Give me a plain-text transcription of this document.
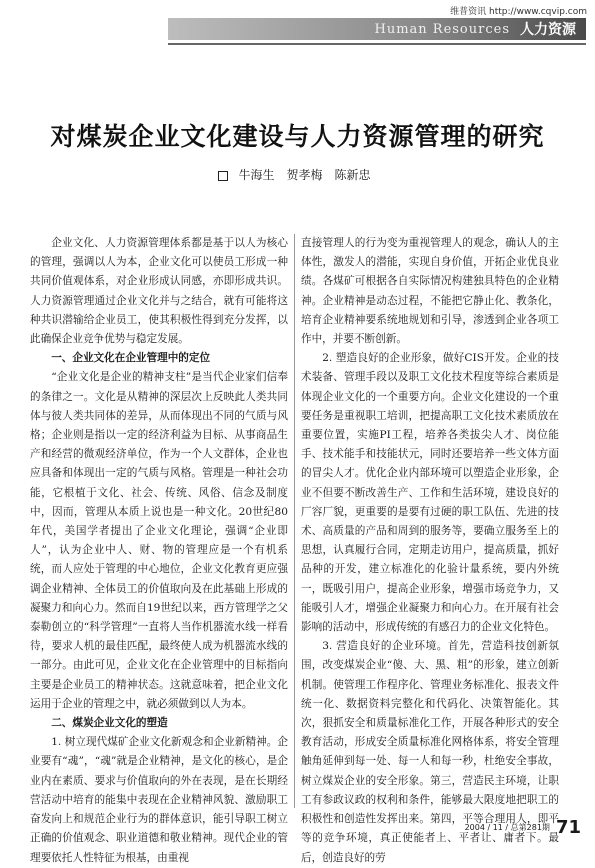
维普资讯 http://www.cqvip.com
Human Resources 人力资源
对煤炭企业文化建设与人力资源管理的研究
牛海生 贺孝梅 陈新忠

企业文化、人力资源管理体系都是基于以人为核心的管理，强调以人为本，企业文化可以使员工形成一种共同价值观体系，对企业形成认同感，亦即形成共识。人力资源管理通过企业文化并与之结合，就有可能将这种共识潜输给企业员工，使其积极性得到充分发挥，以此确保企业竞争优势与稳定发展。

一、企业文化在企业管理中的定位

“企业文化是企业的精神支柱”是当代企业家们信奉的条律之一。文化是从精神的深层次上反映此人类共同体与彼人类共同体的差异，从而体现出不同的气质与风格；企业则是指以一定的经济利益为目标、从事商品生产和经营的微观经济单位，作为一个人文群体，企业也应具备和体现出一定的气质与风格。管理是一种社会功能，它根植于文化、社会、传统、风俗、信念及制度中，因而，管理从本质上说也是一种文化。20世纪80年代，美国学者提出了企业文化理论，强调“企业即人”，认为企业中人、财、物的管理应是一个有机系统，而人应处于管理的中心地位，企业文化教育更应强调企业精神、全体员工的价值取向及在此基础上形成的凝聚力和向心力。然而自19世纪以来，西方管理学之父泰勒创立的“科学管理”一直将人当作机器流水线一样看待，要求人机的最佳匹配，最终使人成为机器流水线的一部分。由此可见，企业文化在企业管理中的目标指向主要是企业员工的精神状态。这就意味着，把企业文化运用于企业的管理之中，就必须做到以人为本。

二、煤炭企业文化的塑造

1. 树立现代煤矿企业文化新观念和企业新精神。企业要有“魂”，“魂”就是企业精神，是文化的核心，是企业内在素质、要求与价值取向的外在表现，是在长期经营活动中培育的能集中表现在企业精神风貌、激励职工奋发向上和规范企业行为的群体意识，能引导职工树立正确的价值观念、职业道德和敬业精神。现代企业的管理要依托人性特征为根基，由重视

直接管理人的行为变为重视管理人的观念，确认人的主体性，激发人的潜能，实现自身价值，开拓企业优良业绩。各煤矿可根据各自实际情况构建独具特色的企业精神。企业精神是动态过程，不能把它静止化、教条化，培育企业精神要系统地规划和引导，渗透到企业各项工作中，并要不断创新。

2. 塑造良好的企业形象，做好CIS开发。企业的技术装备、管理手段以及职工文化技术程度等综合素质是体现企业文化的一个重要方向。企业文化建设的一个重要任务是重视职工培训，把提高职工文化技术素质放在重要位置，实施PI工程，培养各类拔尖人才、岗位能手、技术能手和技能状元，同时还要培养一些文体方面的冒尖人才。优化企业内部环境可以塑造企业形象，企业不但要不断改善生产、工作和生活环境，建设良好的厂容厂貌，更重要的是要有过硬的职工队伍、先进的技术、高质量的产品和周到的服务等，要确立服务至上的思想，认真履行合同，定期走访用户，提高质量，抓好品种的开发，建立标准化的化验计量系统，要内外统一，既吸引用户，提高企业形象，增强市场竞争力，又能吸引人才，增强企业凝聚力和向心力。在开展有社会影响的活动中，形成传统的有感召力的企业文化特色。

3. 营造良好的企业环境。首先，营造科技创新氛围，改变煤炭企业“傻、大、黑、粗”的形象，建立创新机制。使管理工作程序化、管理业务标准化、报表文件统一化、数据资料完整化和代码化、决策智能化。其次，狠抓安全和质量标准化工作，开展各种形式的安全教育活动，形成安全质量标准化网格体系，将安全管理触角延伸到每一处、每一人和每一秒，杜绝安全事故，树立煤炭企业的安全形象。第三，营造民主环境，让职工有参政议政的权利和条件，能够最大限度地把职工的积极性和创造性发挥出来。第四，平等合理用人，即平等的竞争环境，真正使能者上、平者让、庸者下。最后，创造良好的劳

2004 / 11 / 总第281期 71
